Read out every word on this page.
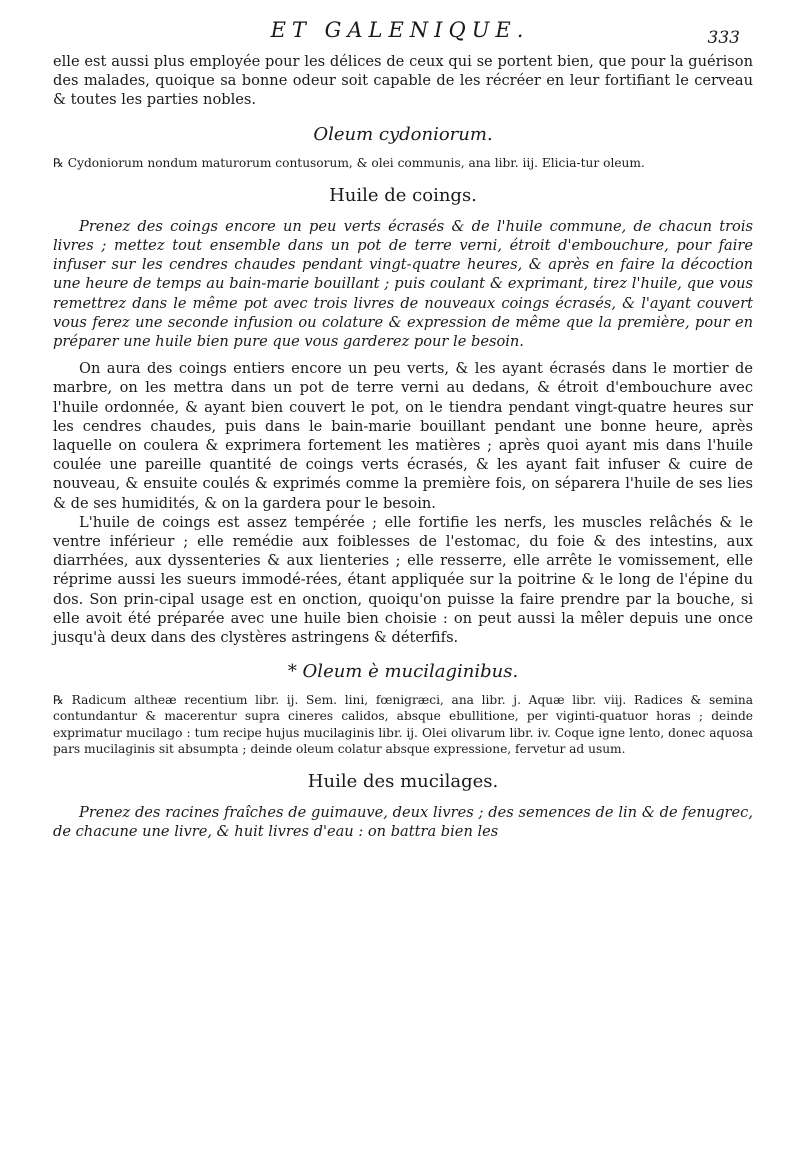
ET GALENIQUE.	333

elle est aussi plus employée pour les délices de ceux qui se portent bien, que pour la guérison des malades, quoique sa bonne odeur soit capable de les récréer en leur fortifiant le cerveau & toutes les parties nobles.

Oleum cydoniorum.

℞ Cydoniorum nondum maturorum contusorum, & olei communis, ana libr. iij. Elicia-tur oleum.

Huile de coings.

Prenez des coings encore un peu verts écrasés & de l'huile commune, de chacun trois livres ; mettez tout ensemble dans un pot de terre verni, étroit d'embouchure, pour faire infuser sur les cendres chaudes pendant vingt-quatre heures, & après en faire la décoction une heure de temps au bain-marie bouillant ; puis coulant & exprimant, tirez l'huile, que vous remettrez dans le même pot avec trois livres de nouveaux coings écrasés, & l'ayant couvert vous ferez une seconde infusion ou colature & expression de même que la première, pour en préparer une huile bien pure que vous garderez pour le besoin.

On aura des coings entiers encore un peu verts, & les ayant écrasés dans le mortier de marbre, on les mettra dans un pot de terre verni au dedans, & étroit d'embouchure avec l'huile ordonnée, & ayant bien couvert le pot, on le tiendra pendant vingt-quatre heures sur les cendres chaudes, puis dans le bain-marie bouillant pendant une bonne heure, après laquelle on coulera & exprimera fortement les matières ; après quoi ayant mis dans l'huile coulée une pareille quantité de coings verts écrasés, & les ayant fait infuser & cuire de nouveau, & ensuite coulés & exprimés comme la première fois, on séparera l'huile de ses lies & de ses humidités, & on la gardera pour le besoin.

L'huile de coings est assez tempérée ; elle fortifie les nerfs, les muscles relâchés & le ventre inférieur ; elle remédie aux foiblesses de l'estomac, du foie & des intestins, aux diarrhées, aux dyssenteries & aux lienteries ; elle resserre, elle arrête le vomissement, elle réprime aussi les sueurs immodé-rées, étant appliquée sur la poitrine & le long de l'épine du dos. Son prin-cipal usage est en onction, quoiqu'on puisse la faire prendre par la bouche, si elle avoit été préparée avec une huile bien choisie : on peut aussi la mêler depuis une once jusqu'à deux dans des clystères astringens & déterfifs.

* Oleum è mucilaginibus.

℞ Radicum altheæ recentium libr. ij. Sem. lini, fœnigræci, ana libr. j. Aquæ libr. viij. Radices & semina contundantur & macerentur supra cineres calidos, absque ebullitione, per viginti-quatuor horas ; deinde exprimatur mucilago : tum recipe hujus mucilaginis libr. ij. Olei olivarum libr. iv. Coque igne lento, donec aquosa pars mucilaginis sit absumpta ; deinde oleum colatur absque expressione, fervetur ad usum.

Huile des mucilages.

Prenez des racines fraîches de guimauve, deux livres ; des semences de lin & de fenugrec, de chacune une livre, & huit livres d'eau : on battra bien les
